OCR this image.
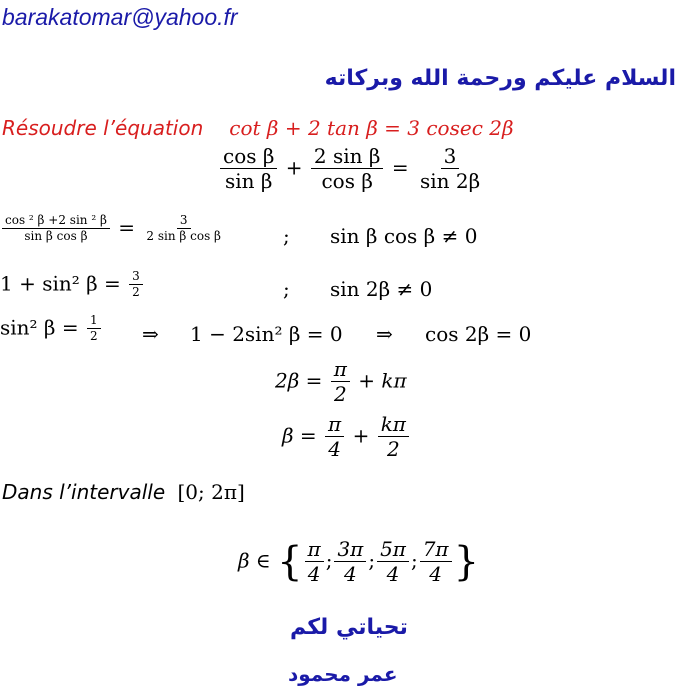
barakatomar@yahoo.fr
السلام عليكم ورحمة الله وبركاته
Résoudre l’équation cot β + 2 tan β = 3 cosec 2β
$\frac{\text{cos β}}{\text{sin β}} + \frac{\text{2 sin β}}{\text{cos β}} = \frac{3}{\sin 2\beta}$
$\frac{\text{cos ² β +2 sin ² β}}{\text{sin β cos β}} = \frac{3}{\text{2 sin β cos β}}$	; sin β cos β ≠ 0
1 + sin² $\beta = \frac{3}{2}$	; sin 2β ≠ 0
sin² $\beta = \frac{1}{2}$ ⇒ 1 − 2sin² β = 0 ⇒ cos 2β = 0
$2\beta = \frac{\pi}{2} + k\pi$
$\beta = \frac{\pi}{4} + \frac{k\pi}{2}$
Dans l’intervalle [0; 2π]
β ∈ { $\frac{\pi}{4}$ ; $\frac{3\pi}{4}$ ; $\frac{5\pi}{4}$ ; $\frac{7\pi}{4}$ }
تحياتي لكم
عمر محمود
